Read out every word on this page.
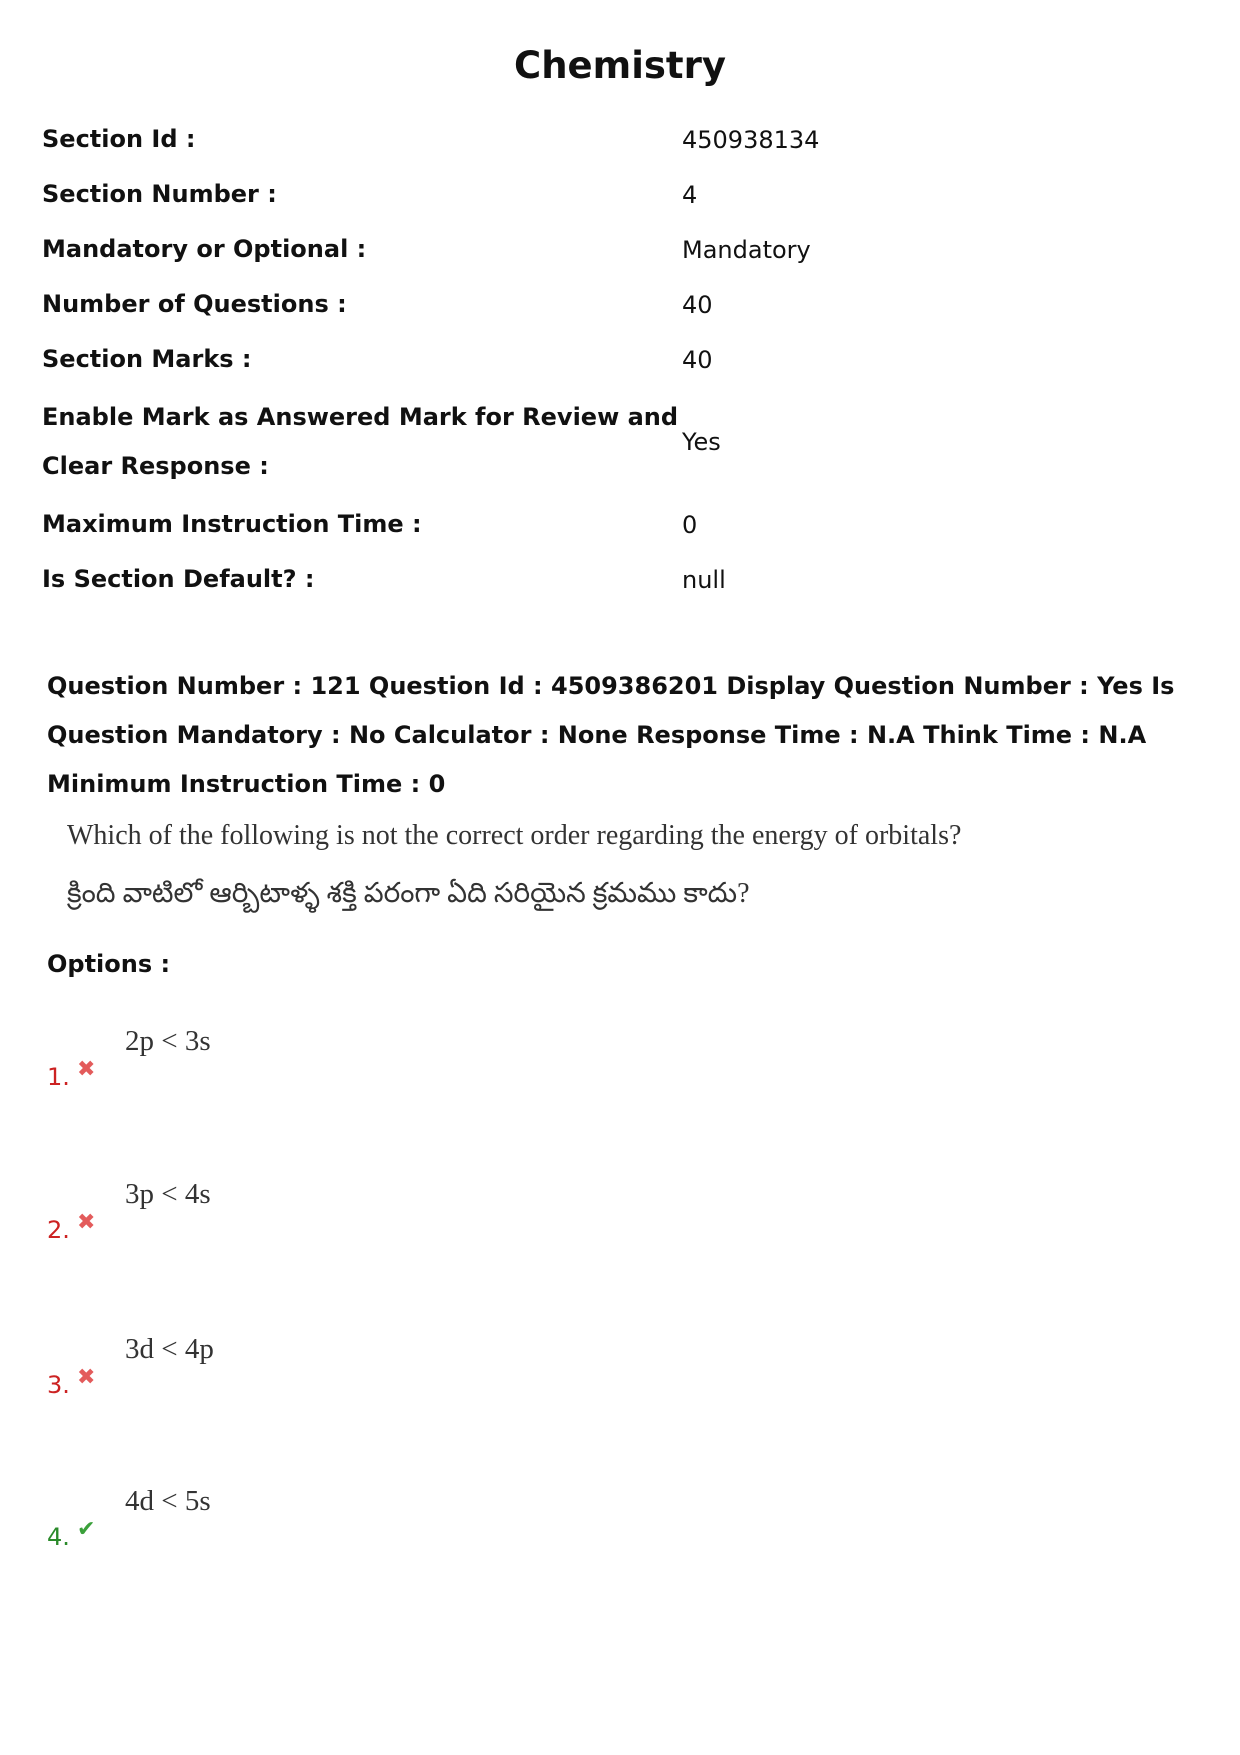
Chemistry
Section Id :	450938134
Section Number :	4
Mandatory or Optional :	Mandatory
Number of Questions :	40
Section Marks :	40
Enable Mark as Answered Mark for Review and Clear Response :
Yes
Maximum Instruction Time :	0
Is Section Default? :	null
Question Number : 121 Question Id : 4509386201 Display Question Number : Yes Is Question Mandatory : No Calculator : None Response Time : N.A Think Time : N.A Minimum Instruction Time : 0
Which of the following is not the correct order regarding the energy of orbitals?
క్రింది వాటిలో ఆర్బిటాళ్ళ శక్తి పరంగా ఏది సరియైన క్రమము కాదు?
Options :
1. ✖
2p < 3s
2. ✖
3p < 4s
3. ✖
3d < 4p
4. ✔
4d < 5s
